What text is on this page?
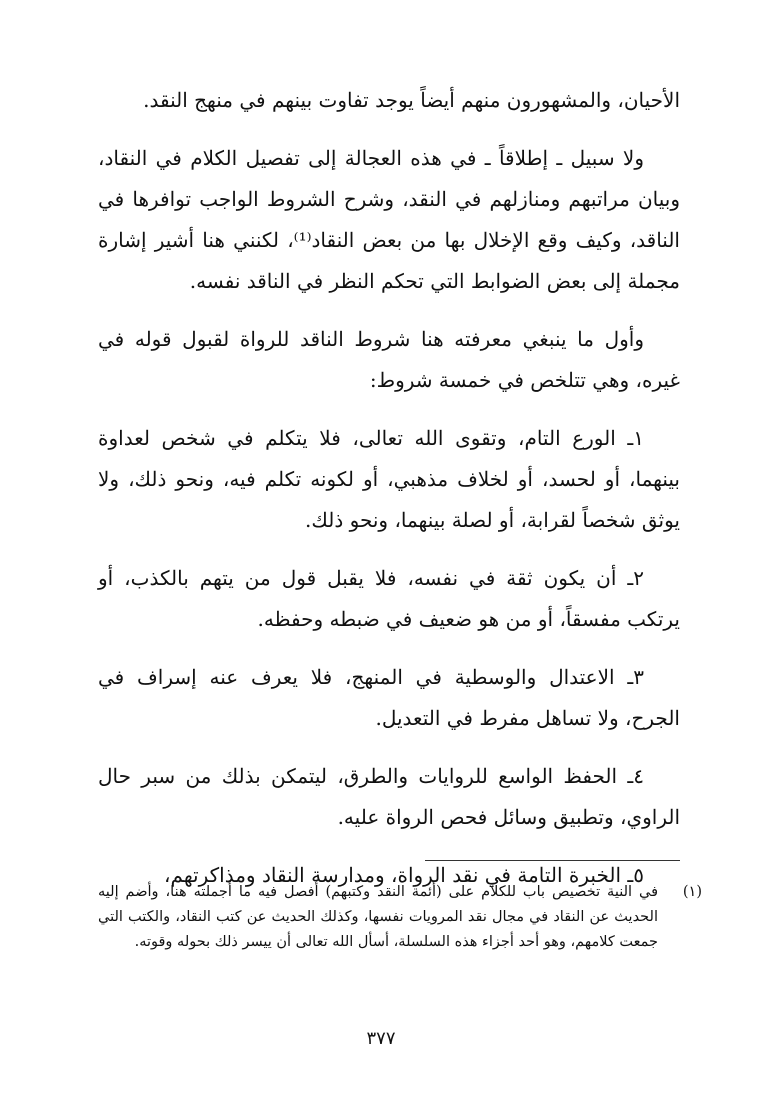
الأحيان، والمشهورون منهم أيضاً يوجد تفاوت بينهم في منهج النقد.

ولا سبيل ـ إطلاقاً ـ في هذه العجالة إلى تفصيل الكلام في النقاد، وبيان مراتبهم ومنازلهم في النقد، وشرح الشروط الواجب توافرها في الناقد، وكيف وقع الإخلال بها من بعض النقاد⁽¹⁾، لكنني هنا أشير إشارة مجملة إلى بعض الضوابط التي تحكم النظر في الناقد نفسه.

وأول ما ينبغي معرفته هنا شروط الناقد للرواة لقبول قوله في غيره، وهي تتلخص في خمسة شروط:

١ـ الورع التام، وتقوى الله تعالى، فلا يتكلم في شخص لعداوة بينهما، أو لحسد، أو لخلاف مذهبي، أو لكونه تكلم فيه، ونحو ذلك، ولا يوثق شخصاً لقرابة، أو لصلة بينهما، ونحو ذلك.

٢ـ أن يكون ثقة في نفسه، فلا يقبل قول من يتهم بالكذب، أو يرتكب مفسقاً، أو من هو ضعيف في ضبطه وحفظه.

٣ـ الاعتدال والوسطية في المنهج، فلا يعرف عنه إسراف في الجرح، ولا تساهل مفرط في التعديل.

٤ـ الحفظ الواسع للروايات والطرق، ليتمكن بذلك من سبر حال الراوي، وتطبيق وسائل فحص الرواة عليه.

٥ـ الخبرة التامة في نقد الرواة، ومدارسة النقاد ومذاكرتهم،

(١)
في النية تخصيص باب للكلام على (أئمة النقد وكتبهم) أفصل فيه ما أجملته هنا، وأضم إليه الحديث عن النقاد في مجال نقد المرويات نفسها، وكذلك الحديث عن كتب النقاد، والكتب التي جمعت كلامهم، وهو أحد أجزاء هذه السلسلة، أسأل الله تعالى أن ييسر ذلك بحوله وقوته.
٣٧٧
